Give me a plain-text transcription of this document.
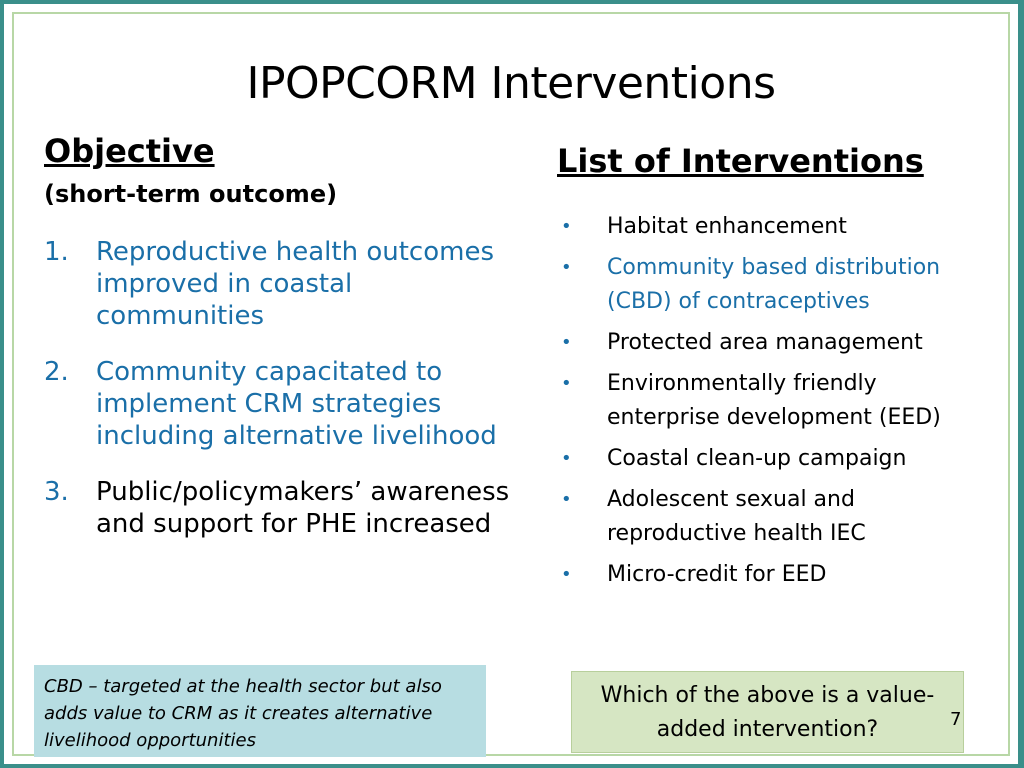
IPOPCORM Interventions
Objective
(short-term outcome)
1.	Reproductive health outcomes improved in coastal communities
2.	Community capacitated to implement CRM strategies including alternative livelihood
3.	Public/policymakers’ awareness and support for PHE increased
List of Interventions
•	Habitat enhancement
•	Community based distribution (CBD) of contraceptives
•	Protected area management
•	Environmentally friendly enterprise development (EED)
•	Coastal clean-up campaign
•	Adolescent sexual and reproductive health IEC
•	Micro-credit for EED
CBD – targeted at the health sector but also adds value to CRM as it creates alternative livelihood opportunities
Which of the above is a value-added intervention?	7
